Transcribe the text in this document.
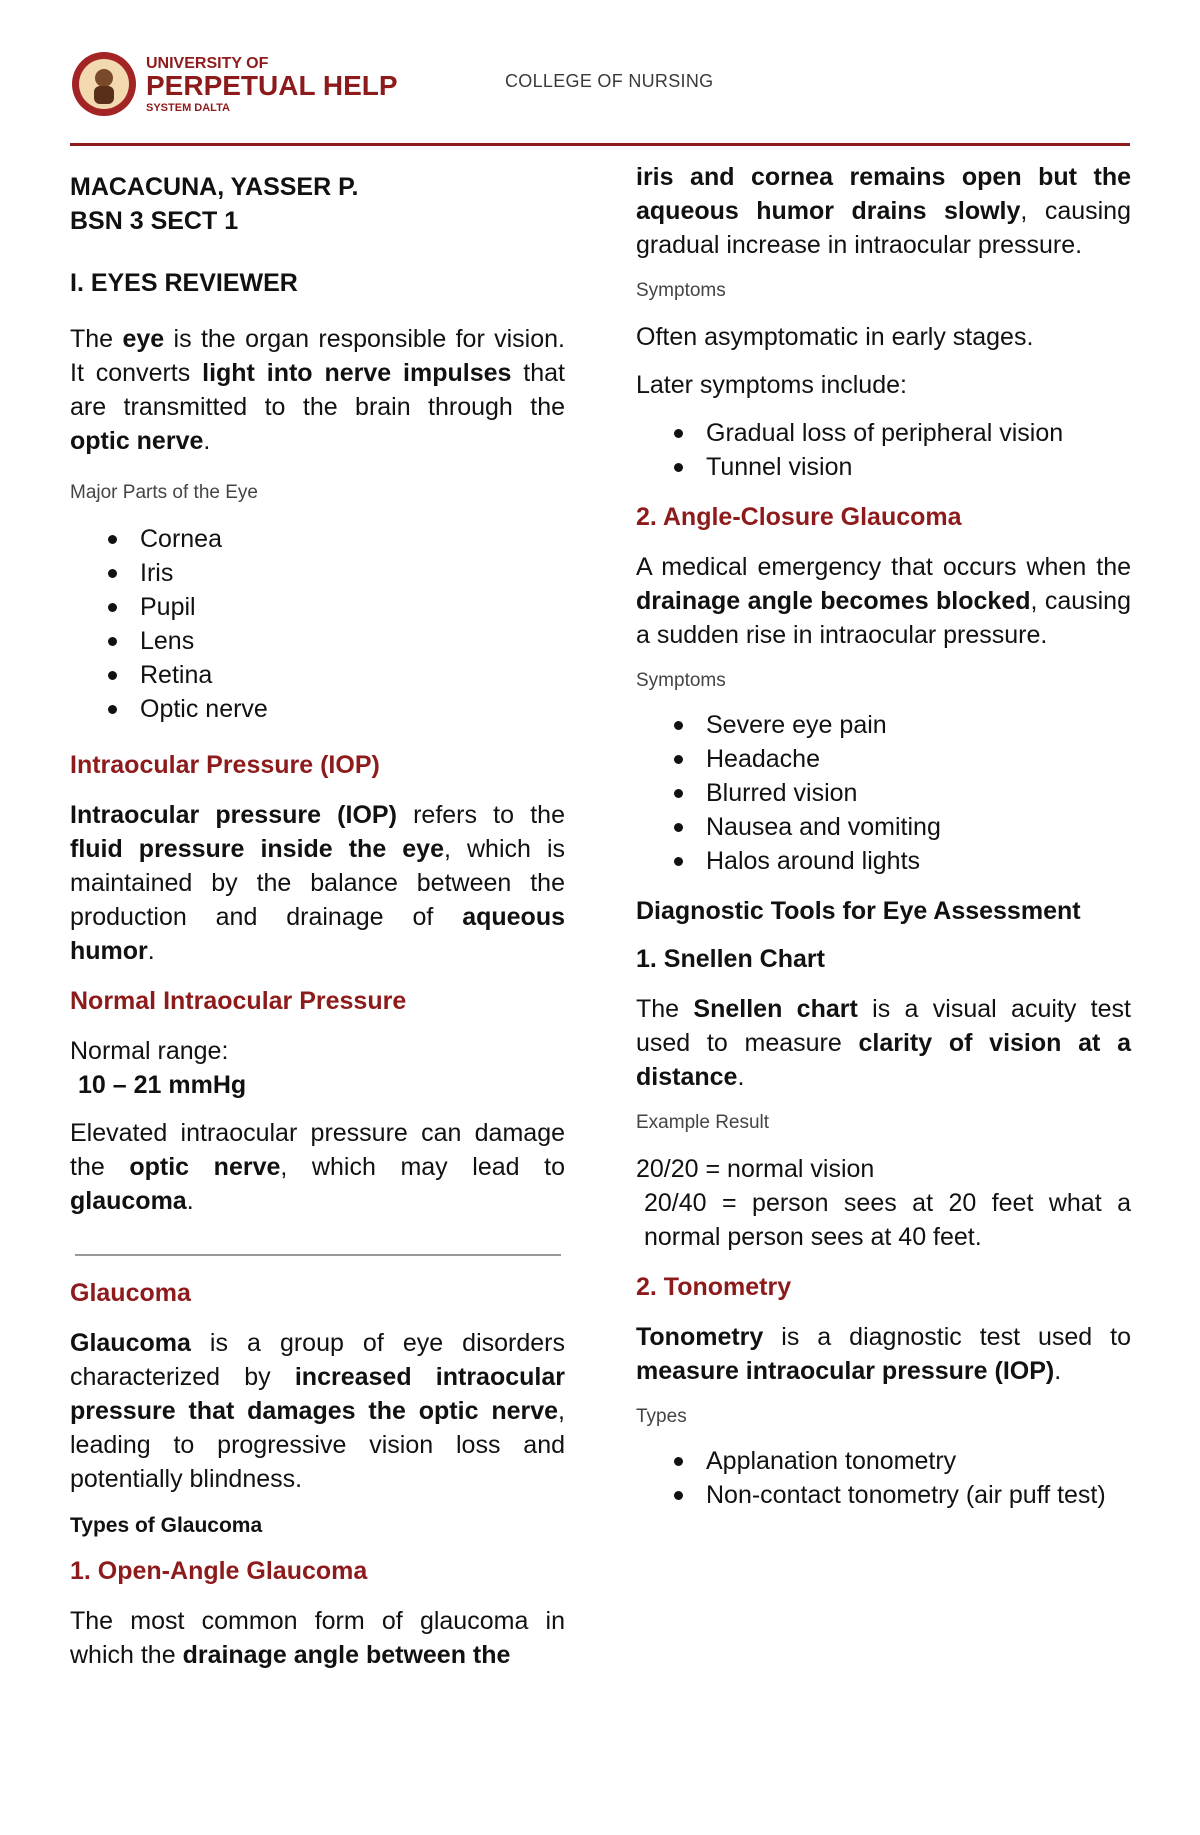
UNIVERSITY OF
PERPETUAL HELP
SYSTEM DALTA
COLLEGE OF NURSING
MACACUNA, YASSER P.
BSN 3 SECT 1
I. EYES REVIEWER

The eye is the organ responsible for vision. It converts light into nerve impulses that are transmitted to the brain through the optic nerve.

Major Parts of the Eye
Cornea
Iris
Pupil
Lens
Retina
Optic nerve
Intraocular Pressure (IOP)

Intraocular pressure (IOP) refers to the fluid pressure inside the eye, which is maintained by the balance between the production and drainage of aqueous humor.

Normal Intraocular Pressure

Normal range:

10 – 21 mmHg

Elevated intraocular pressure can damage the optic nerve, which may lead to glaucoma.

Glaucoma

Glaucoma is a group of eye disorders characterized by increased intraocular pressure that damages the optic nerve, leading to progressive vision loss and potentially blindness.

Types of Glaucoma
1. Open-Angle Glaucoma

The most common form of glaucoma in which the drainage angle between the

iris and cornea remains open but the aqueous humor drains slowly, causing gradual increase in intraocular pressure.

Symptoms

Often asymptomatic in early stages.

Later symptoms include:

Gradual loss of peripheral vision
Tunnel vision
2. Angle-Closure Glaucoma

A medical emergency that occurs when the drainage angle becomes blocked, causing a sudden rise in intraocular pressure.

Symptoms
Severe eye pain
Headache
Blurred vision
Nausea and vomiting
Halos around lights
Diagnostic Tools for Eye Assessment
1. Snellen Chart

The Snellen chart is a visual acuity test used to measure clarity of vision at a distance.

Example Result

20/20 = normal vision

20/40 = person sees at 20 feet what a normal person sees at 40 feet.

2. Tonometry

Tonometry is a diagnostic test used to measure intraocular pressure (IOP).

Types
Applanation tonometry
Non-contact tonometry (air puff test)
